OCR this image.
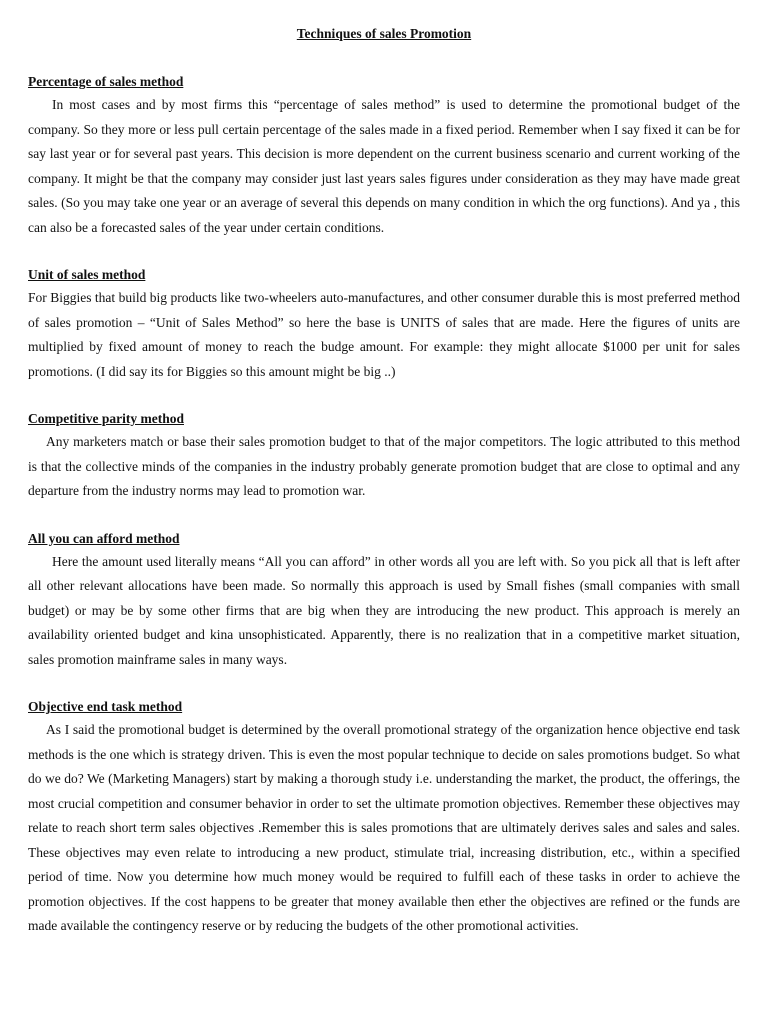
Techniques of sales Promotion
Percentage of sales method

In most cases and by most firms this “percentage of sales method” is used to determine the promotional budget of the company. So they more or less pull certain percentage of the sales made in a fixed period. Remember when I say fixed it can be for say last year or for several past years. This decision is more dependent on the current business scenario and current working of the company. It might be that the company may consider just last years sales figures under consideration as they may have made great sales. (So you may take one year or an average of several this depends on many condition in which the org functions). And ya , this can also be a forecasted sales of the year under certain conditions.

Unit of sales method

For Biggies that build big products like two-wheelers auto-manufactures, and other consumer durable this is most preferred method of sales promotion – “Unit of Sales Method” so here the base is UNITS of sales that are made. Here the figures of units are multiplied by fixed amount of money to reach the budge amount. For example: they might allocate $1000 per unit for sales promotions. (I did say its for Biggies so this amount might be big ..)

Competitive parity method

Any marketers match or base their sales promotion budget to that of the major competitors. The logic attributed to this method is that the collective minds of the companies in the industry probably generate promotion budget that are close to optimal and any departure from the industry norms may lead to promotion war.

All you can afford method

Here the amount used literally means “All you can afford” in other words all you are left with. So you pick all that is left after all other relevant allocations have been made. So normally this approach is used by Small fishes (small companies with small budget) or may be by some other firms that are big when they are introducing the new product. This approach is merely an availability oriented budget and kina unsophisticated. Apparently, there is no realization that in a competitive market situation, sales promotion mainframe sales in many ways.

Objective end task method

As I said the promotional budget is determined by the overall promotional strategy of the organization hence objective end task methods is the one which is strategy driven. This is even the most popular technique to decide on sales promotions budget. So what do we do? We (Marketing Managers) start by making a thorough study i.e. understanding the market, the product, the offerings, the most crucial competition and consumer behavior in order to set the ultimate promotion objectives. Remember these objectives may relate to reach short term sales objectives .Remember this is sales promotions that are ultimately derives sales and sales and sales. These objectives may even relate to introducing a new product, stimulate trial, increasing distribution, etc., within a specified period of time. Now you determine how much money would be required to fulfill each of these tasks in order to achieve the promotion objectives. If the cost happens to be greater that money available then ether the objectives are refined or the funds are made available the contingency reserve or by reducing the budgets of the other promotional activities.
